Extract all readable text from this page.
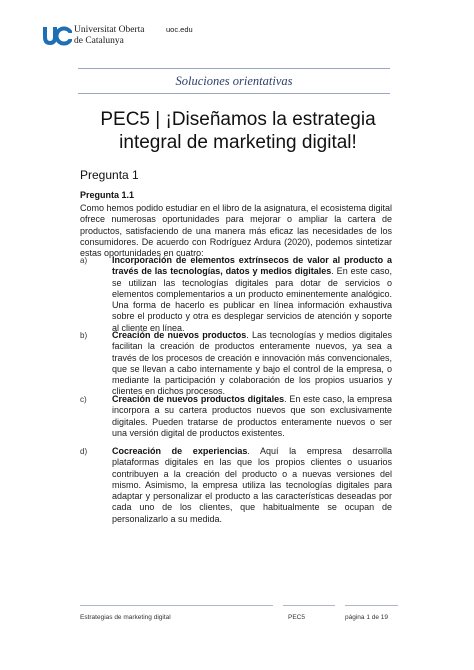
Universitat Oberta
de Catalunya
uoc.edu
Soluciones orientativas
PEC5 | ¡Diseñamos la estrategia
integral de marketing digital!
Pregunta 1
Pregunta 1.1
Como hemos podido estudiar en el libro de la asignatura, el ecosistema digital ofrece numerosas oportunidades para mejorar o ampliar la cartera de productos, satisfaciendo de una manera más eficaz las necesidades de los consumidores. De acuerdo con Rodríguez Ardura (2020), podemos sintetizar estas oportunidades en cuatro:
a)	Incorporación de elementos extrínsecos de valor al producto a través de las tecnologías, datos y medios digitales. En este caso, se utilizan las tecnologías digitales para dotar de servicios o elementos complementarios a un producto eminentemente analógico. Una forma de hacerlo es publicar en línea información exhaustiva sobre el producto y otra es desplegar servicios de atención y soporte al cliente en línea.
b)	Creación de nuevos productos. Las tecnologías y medios digitales facilitan la creación de productos enteramente nuevos, ya sea a través de los procesos de creación e innovación más convencionales, que se llevan a cabo internamente y bajo el control de la empresa, o mediante la participación y colaboración de los propios usuarios y clientes en dichos procesos.
c)	Creación de nuevos productos digitales. En este caso, la empresa incorpora a su cartera productos nuevos que son exclusivamente digitales. Pueden tratarse de productos enteramente nuevos o ser una versión digital de productos existentes.
d)	Cocreación de experiencias. Aquí la empresa desarrolla plataformas digitales en las que los propios clientes o usuarios contribuyen a la creación del producto o a nuevas versiones del mismo. Asimismo, la empresa utiliza las tecnologías digitales para adaptar y personalizar el producto a las características deseadas por cada uno de los clientes, que habitualmente se ocupan de personalizarlo a su medida.
Estrategias de marketing digital	PEC5	página 1 de 19
